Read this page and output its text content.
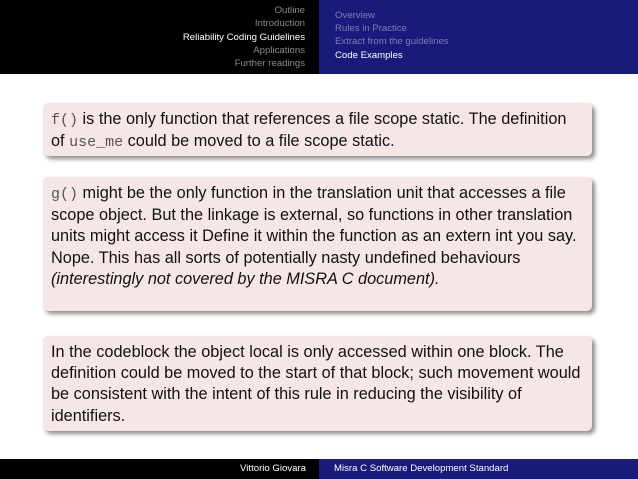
Outline
Introduction
Reliability Coding Guidelines
Applications
Further readings
Overview
Rules in Practice
Extract from the guidelines
Code Examples
f() is the only function that references a file scope static. The definition of use_me could be moved to a file scope static.
g() might be the only function in the translation unit that accesses a file scope object. But the linkage is external, so functions in other translation units might access it Define it within the function as an extern int you say. Nope. This has all sorts of potentially nasty undefined behaviours (interestingly not covered by the MISRA C document).
In the codeblock the object local is only accessed within one block. The definition could be moved to the start of that block; such movement would be consistent with the intent of this rule in reducing the visibility of identifiers.
Vittorio Giovara	Misra C Software Development Standard
